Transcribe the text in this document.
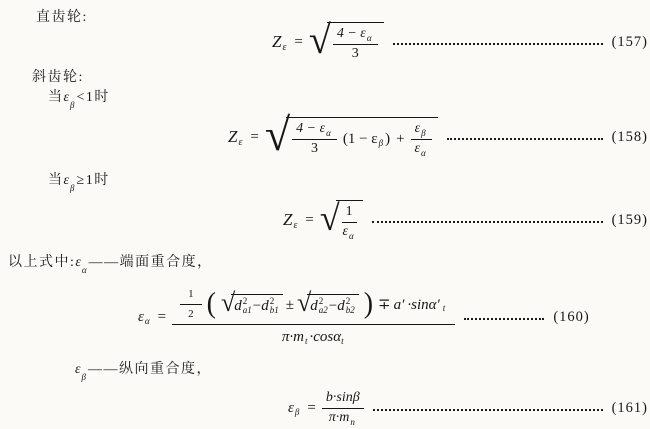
直齿轮:
Z ε = √ $\frac{\text{4 − ε α}}{3}$	(157)
斜齿轮:
当 ε β <1时
Z ε = √ $\frac{\text{4 − ε α}}{3} (1 - \varepsilon$ β ) + $\frac{\text{ε β}}{\text{ε α}}$	(158)
当 ε β ≥1时
Z ε = √ $\frac{1}{\text{ε α}}$	(159)
以上式中: ε α ——端面重合度，
ε $\alpha = \frac{1}{2}$ ( √ d 2
a1 − d 2
b1 ± √ d 2
a2 − d 2
b2 ) ∓ a′ ·sinα′ t
π·m t ·cosα t
(160)
ε β ——纵向重合度，
ε $\beta = \frac{b\cdot\sin\beta}{\text{π·m n}}$	(161)
